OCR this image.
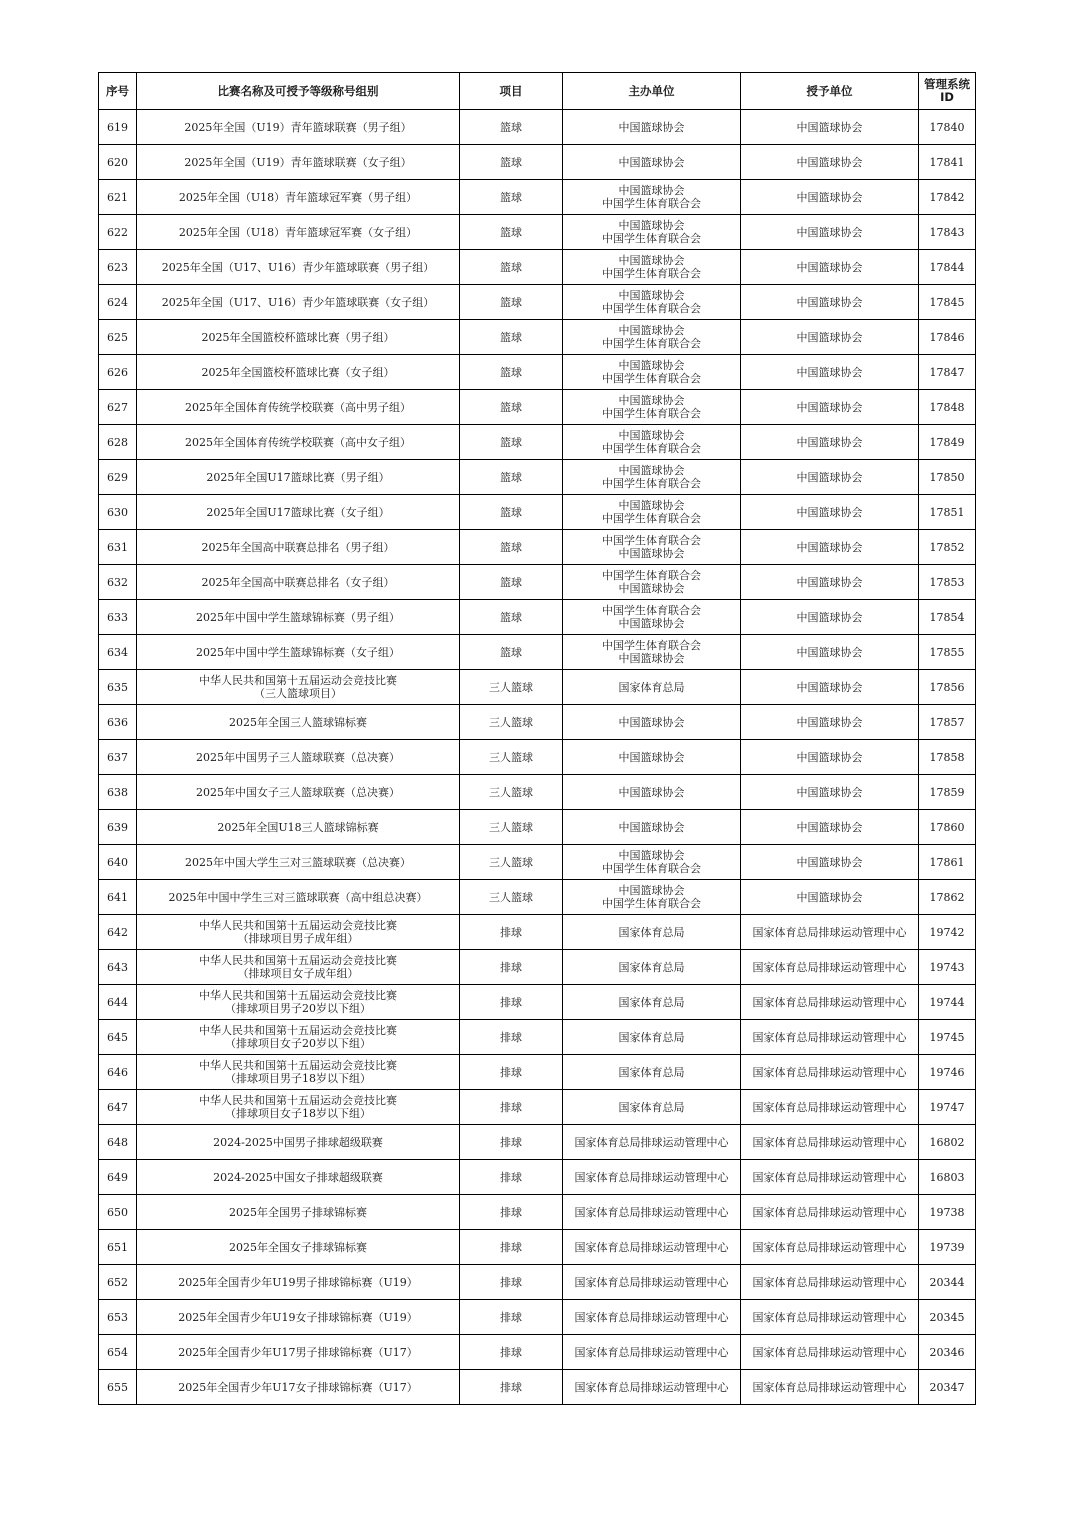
序号	比赛名称及可授予等级称号组别	项目	主办单位	授予单位	管理系统
ID

619	2025年全国（U19）青年篮球联赛（男子组）	篮球	中国篮球协会	中国篮球协会	17840
620	2025年全国（U19）青年篮球联赛（女子组）	篮球	中国篮球协会	中国篮球协会	17841
621	2025年全国（U18）青年篮球冠军赛（男子组）	篮球	中国篮球协会
中国学生体育联合会	中国篮球协会	17842
622	2025年全国（U18）青年篮球冠军赛（女子组）	篮球	中国篮球协会
中国学生体育联合会	中国篮球协会	17843
623	2025年全国（U17、U16）青少年篮球联赛（男子组）	篮球	中国篮球协会
中国学生体育联合会	中国篮球协会	17844
624	2025年全国（U17、U16）青少年篮球联赛（女子组）	篮球	中国篮球协会
中国学生体育联合会	中国篮球协会	17845
625	2025年全国篮校杯篮球比赛（男子组）	篮球	中国篮球协会
中国学生体育联合会	中国篮球协会	17846
626	2025年全国篮校杯篮球比赛（女子组）	篮球	中国篮球协会
中国学生体育联合会	中国篮球协会	17847
627	2025年全国体育传统学校联赛（高中男子组）	篮球	中国篮球协会
中国学生体育联合会	中国篮球协会	17848
628	2025年全国体育传统学校联赛（高中女子组）	篮球	中国篮球协会
中国学生体育联合会	中国篮球协会	17849
629	2025年全国U17篮球比赛（男子组）	篮球	中国篮球协会
中国学生体育联合会	中国篮球协会	17850
630	2025年全国U17篮球比赛（女子组）	篮球	中国篮球协会
中国学生体育联合会	中国篮球协会	17851
631	2025年全国高中联赛总排名（男子组）	篮球	中国学生体育联合会
中国篮球协会	中国篮球协会	17852
632	2025年全国高中联赛总排名（女子组）	篮球	中国学生体育联合会
中国篮球协会	中国篮球协会	17853
633	2025年中国中学生篮球锦标赛（男子组）	篮球	中国学生体育联合会
中国篮球协会	中国篮球协会	17854
634	2025年中国中学生篮球锦标赛（女子组）	篮球	中国学生体育联合会
中国篮球协会	中国篮球协会	17855
635	中华人民共和国第十五届运动会竞技比赛
（三人篮球项目）	三人篮球	国家体育总局	中国篮球协会	17856
636	2025年全国三人篮球锦标赛	三人篮球	中国篮球协会	中国篮球协会	17857
637	2025年中国男子三人篮球联赛（总决赛）	三人篮球	中国篮球协会	中国篮球协会	17858
638	2025年中国女子三人篮球联赛（总决赛）	三人篮球	中国篮球协会	中国篮球协会	17859
639	2025年全国U18三人篮球锦标赛	三人篮球	中国篮球协会	中国篮球协会	17860
640	2025年中国大学生三对三篮球联赛（总决赛）	三人篮球	中国篮球协会
中国学生体育联合会	中国篮球协会	17861
641	2025年中国中学生三对三篮球联赛（高中组总决赛）	三人篮球	中国篮球协会
中国学生体育联合会	中国篮球协会	17862
642	中华人民共和国第十五届运动会竞技比赛
（排球项目男子成年组）	排球	国家体育总局	国家体育总局排球运动管理中心	19742
643	中华人民共和国第十五届运动会竞技比赛
（排球项目女子成年组）	排球	国家体育总局	国家体育总局排球运动管理中心	19743
644	中华人民共和国第十五届运动会竞技比赛
（排球项目男子20岁以下组）	排球	国家体育总局	国家体育总局排球运动管理中心	19744
645	中华人民共和国第十五届运动会竞技比赛
（排球项目女子20岁以下组）	排球	国家体育总局	国家体育总局排球运动管理中心	19745
646	中华人民共和国第十五届运动会竞技比赛
（排球项目男子18岁以下组）	排球	国家体育总局	国家体育总局排球运动管理中心	19746
647	中华人民共和国第十五届运动会竞技比赛
（排球项目女子18岁以下组）	排球	国家体育总局	国家体育总局排球运动管理中心	19747
648	2024-2025中国男子排球超级联赛	排球	国家体育总局排球运动管理中心	国家体育总局排球运动管理中心	16802
649	2024-2025中国女子排球超级联赛	排球	国家体育总局排球运动管理中心	国家体育总局排球运动管理中心	16803
650	2025年全国男子排球锦标赛	排球	国家体育总局排球运动管理中心	国家体育总局排球运动管理中心	19738
651	2025年全国女子排球锦标赛	排球	国家体育总局排球运动管理中心	国家体育总局排球运动管理中心	19739
652	2025年全国青少年U19男子排球锦标赛（U19）	排球	国家体育总局排球运动管理中心	国家体育总局排球运动管理中心	20344
653	2025年全国青少年U19女子排球锦标赛（U19）	排球	国家体育总局排球运动管理中心	国家体育总局排球运动管理中心	20345
654	2025年全国青少年U17男子排球锦标赛（U17）	排球	国家体育总局排球运动管理中心	国家体育总局排球运动管理中心	20346
655	2025年全国青少年U17女子排球锦标赛（U17）	排球	国家体育总局排球运动管理中心	国家体育总局排球运动管理中心	20347
